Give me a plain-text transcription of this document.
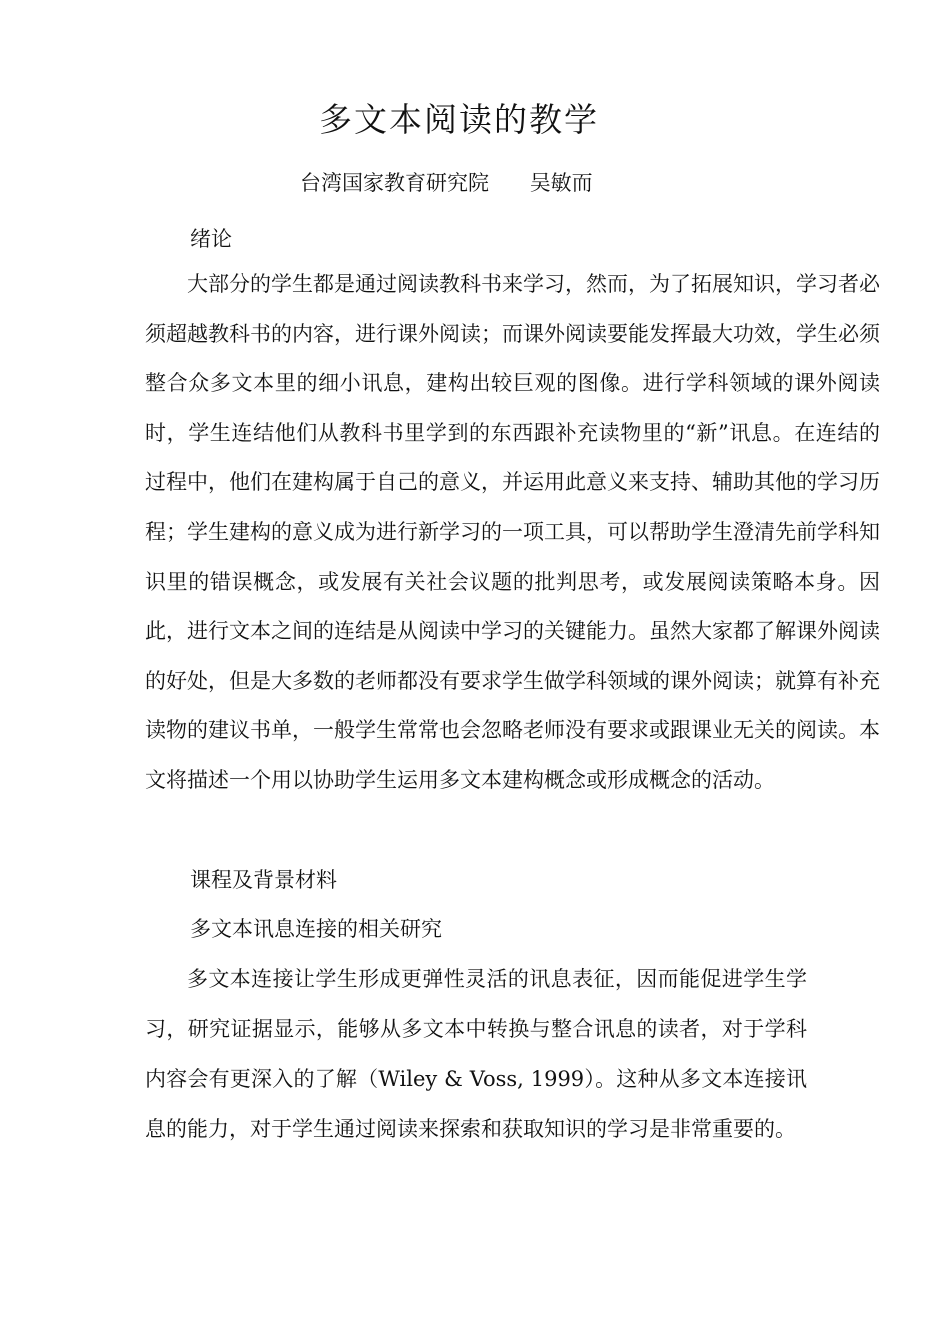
多文本阅读的教学
台湾国家教育研究院 吴敏而
绪论

大部分的学生都是通过阅读教科书来学习，然而，为了拓展知识，学习者必须超越教科书的内容，进行课外阅读；而课外阅读要能发挥最大功效，学生必须整合众多文本里的细小讯息，建构出较巨观的图像。进行学科领域的课外阅读时，学生连结他们从教科书里学到的东西跟补充读物里的“新”讯息。在连结的过程中，他们在建构属于自己的意义，并运用此意义来支持、辅助其他的学习历程；学生建构的意义成为进行新学习的一项工具，可以帮助学生澄清先前学科知识里的错误概念，或发展有关社会议题的批判思考，或发展阅读策略本身。因此，进行文本之间的连结是从阅读中学习的关键能力。虽然大家都了解课外阅读的好处，但是大多数的老师都没有要求学生做学科领域的课外阅读；就算有补充读物的建议书单，一般学生常常也会忽略老师没有要求或跟课业无关的阅读。本文将描述一个用以协助学生运用多文本建构概念或形成概念的活动。

课程及背景材料
多文本讯息连接的相关研究

多文本连接让学生形成更弹性灵活的讯息表征，因而能促进学生学习，研究证据显示，能够从多文本中转换与整合讯息的读者，对于学科内容会有更深入的了解（Wiley & Voss, 1999）。这种从多文本连接讯息的能力，对于学生通过阅读来探索和获取知识的学习是非常重要的。
